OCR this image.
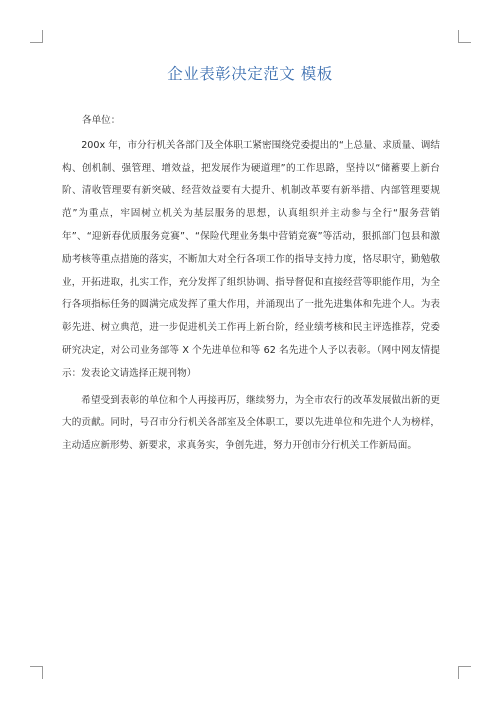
企业表彰决定范文 模板

各单位：

200x 年，市分行机关各部门及全体职工紧密围绕党委提出的“上总量、求质量、调结构、创机制、强管理、增效益，把发展作为硬道理”的工作思路，坚持以“储蓄要上新台阶、清收管理要有新突破、经营效益要有大提升、机制改革要有新举措、内部管理要规范”为重点，牢固树立机关为基层服务的思想，认真组织并主动参与全行“服务营销年”、“迎新春优质服务竞赛”、“保险代理业务集中营销竞赛”等活动，狠抓部门包县和激励考核等重点措施的落实，不断加大对全行各项工作的指导支持力度，恪尽职守，勤勉敬业，开拓进取，扎实工作，充分发挥了组织协调、指导督促和直接经营等职能作用，为全行各项指标任务的圆满完成发挥了重大作用，并涌现出了一批先进集体和先进个人。为表彰先进、树立典范，进一步促进机关工作再上新台阶，经业绩考核和民主评选推荐，党委研究决定，对公司业务部等 X 个先进单位和等 62 名先进个人予以表彰。（网中网友情提示：发表论文请选择正规刊物）

希望受到表彰的单位和个人再接再厉，继续努力，为全市农行的改革发展做出新的更大的贡献。同时，号召市分行机关各部室及全体职工，要以先进单位和先进个人为榜样，主动适应新形势、新要求，求真务实，争创先进，努力开创市分行机关工作新局面。
